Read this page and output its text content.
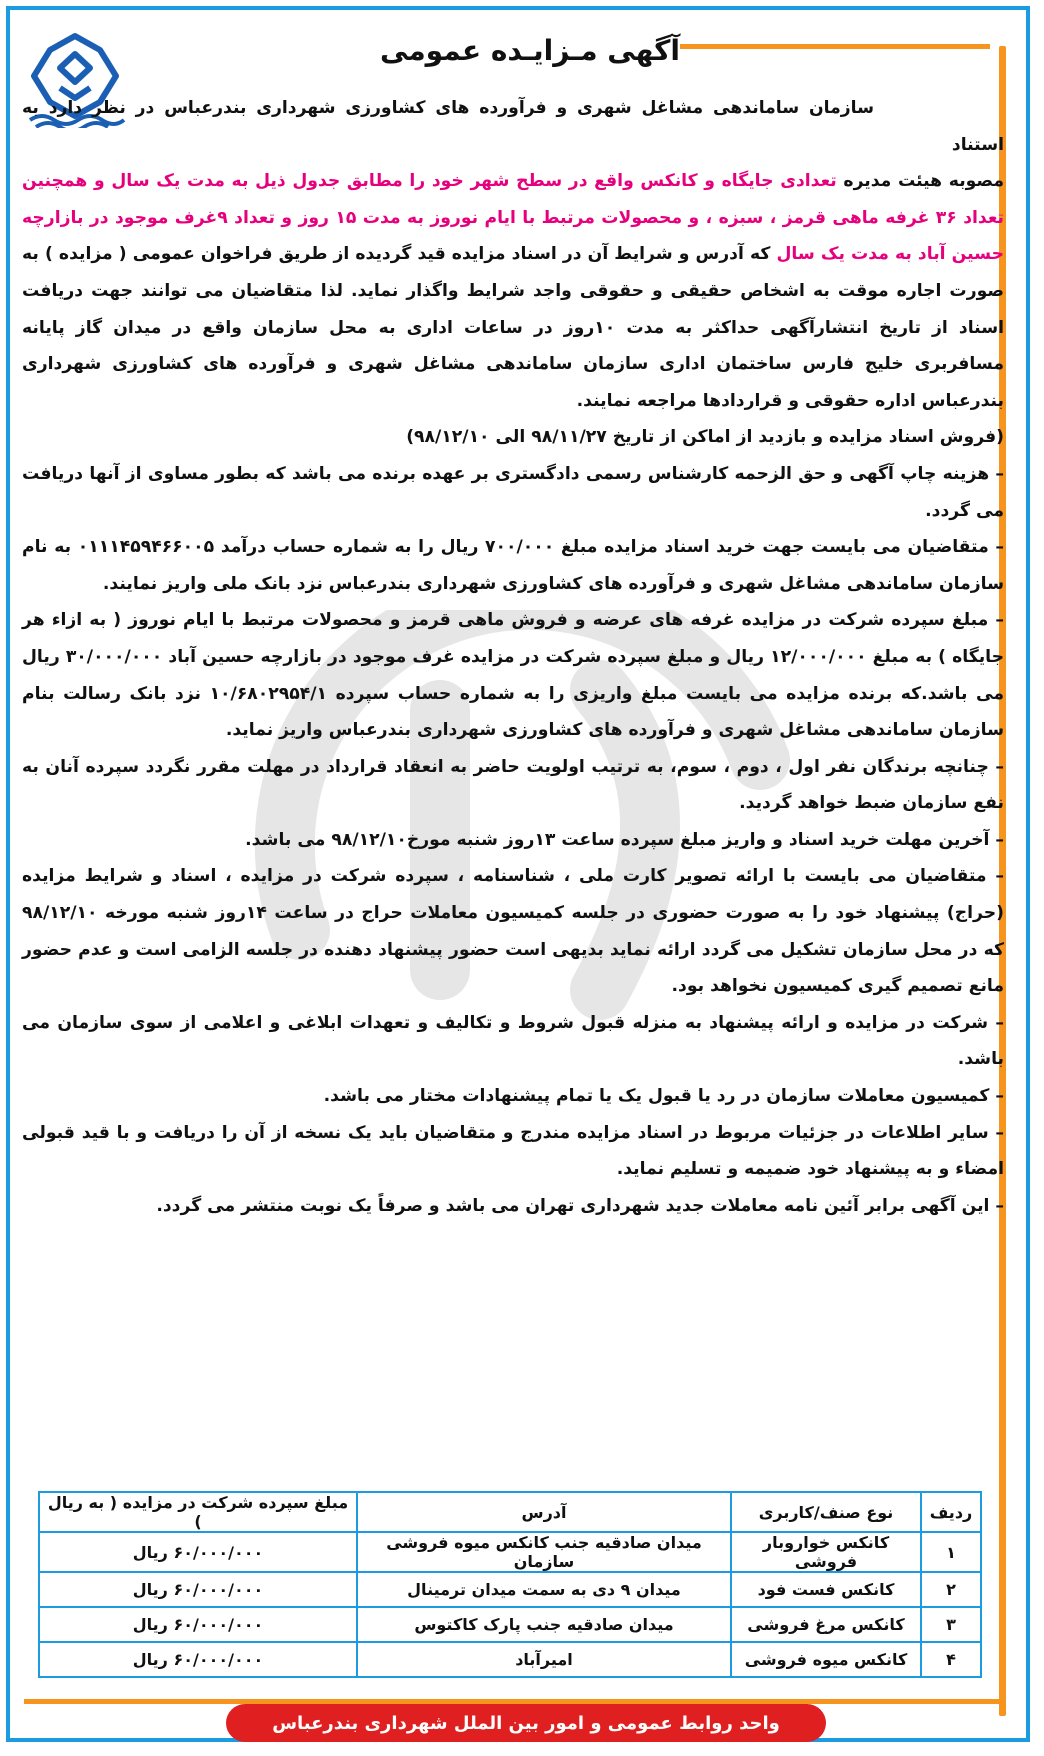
آگهی مـزایـده عمومی

سازمان ساماندهی مشاغل شهری و فرآورده های کشاورزی شهرداری بندرعباس در نظر دارد به استناد

مصوبه هیئت مدیره تعدادی جایگاه و کانکس واقع در سطح شهر خود را مطابق جدول ذیل به مدت یک سال و همچنین تعداد ۳۶ غرفه ماهی قرمز ، سبزه ، و محصولات مرتبط با ایام نوروز به مدت ۱۵ روز و تعداد ۹غرف موجود در بازارچه حسین آباد به مدت یک سال که آدرس و شرایط آن در اسناد مزایده قید گردیده از طریق فراخوان عمومی ( مزایده ) به صورت اجاره موقت به اشخاص حقیقی و حقوقی واجد شرایط واگذار نماید. لذا متقاضیان می توانند جهت دریافت اسناد از تاریخ انتشارآگهی حداکثر به مدت ۱۰روز در ساعات اداری به محل سازمان واقع در میدان گاز پایانه مسافربری خلیج فارس ساختمان اداری سازمان ساماندهی مشاغل شهری و فرآورده های کشاورزی شهرداری بندرعباس اداره حقوقی و قراردادها مراجعه نمایند.

(فروش اسناد مزایده و بازدید از اماکن از تاریخ ۹۸/۱۱/۲۷ الی ۹۸/۱۲/۱۰)

– هزینه چاپ آگهی و حق الزحمه کارشناس رسمی دادگستری بر عهده برنده می باشد که بطور مساوی از آنها دریافت می گردد.

– متقاضیان می بایست جهت خرید اسناد مزایده مبلغ ۷۰۰/۰۰۰ ریال را به شماره حساب درآمد ۰۱۱۱۴۵۹۴۶۶۰۰۵ به نام سازمان ساماندهی مشاغل شهری و فرآورده های کشاورزی شهرداری بندرعباس نزد بانک ملی واریز نمایند.

– مبلغ سپرده شرکت در مزایده غرفه های عرضه و فروش ماهی قرمز و محصولات مرتبط با ایام نوروز ( به ازاء هر جایگاه ) به مبلغ ۱۲/۰۰۰/۰۰۰ ریال و مبلغ سپرده شرکت در مزایده غرف موجود در بازارچه حسین آباد ۳۰/۰۰۰/۰۰۰ ریال می باشد.که برنده مزایده می بایست مبلغ واریزی را به شماره حساب سپرده ۱۰/۶۸۰۲۹۵۴/۱ نزد بانک رسالت بنام سازمان ساماندهی مشاغل شهری و فرآورده های کشاورزی شهرداری بندرعباس واریز نماید.

– چنانچه برندگان نفر اول ، دوم ، سوم، به ترتیب اولویت حاضر به انعقاد قرارداد در مهلت مقرر نگردد سپرده آنان به نفع سازمان ضبط خواهد گردید.

– آخرین مهلت خرید اسناد و واریز مبلغ سپرده ساعت ۱۳روز شنبه مورخ۹۸/۱۲/۱۰ می باشد.

– متقاضیان می بایست با ارائه تصویر کارت ملی ، شناسنامه ، سپرده شرکت در مزایده ، اسناد و شرایط مزایده (حراج) پیشنهاد خود را به صورت حضوری در جلسه کمیسیون معاملات حراج در ساعت ۱۴روز شنبه مورخه ۹۸/۱۲/۱۰ که در محل سازمان تشکیل می گردد ارائه نماید بدیهی است حضور پیشنهاد دهنده در جلسه الزامی است و عدم حضور مانع تصمیم گیری کمیسیون نخواهد بود.

– شرکت در مزایده و ارائه پیشنهاد به منزله قبول شروط و تکالیف و تعهدات ابلاغی و اعلامی از سوی سازمان می باشد.

– کمیسیون معاملات سازمان در رد یا قبول یک یا تمام پیشنهادات مختار می باشد.

– سایر اطلاعات در جزئیات مربوط در اسناد مزایده مندرج و متقاضیان باید یک نسخه از آن را دریافت و با قید قبولی امضاء و به پیشنهاد خود ضمیمه و تسلیم نماید.

– این آگهی برابر آئین نامه معاملات جدید شهرداری تهران می باشد و صرفاً یک نوبت منتشر می گردد.

ردیف	نوع صنف/کاربری	آدرس	مبلغ سپرده شرکت در مزایده ( به ریال )
۱	کانکس خواروبار فروشی	میدان صادقیه جنب کانکس میوه فروشی سازمان	۶۰/۰۰۰/۰۰۰ ریال
۲	کانکس فست فود	میدان ۹ دی به سمت میدان ترمینال	۶۰/۰۰۰/۰۰۰ ریال
۳	کانکس مرغ فروشی	میدان صادقیه جنب پارک کاکتوس	۶۰/۰۰۰/۰۰۰ ریال
۴	کانکس میوه فروشی	امیرآباد	۶۰/۰۰۰/۰۰۰ ریال
واحد روابط عمومی و امور بین الملل شهرداری بندرعباس
